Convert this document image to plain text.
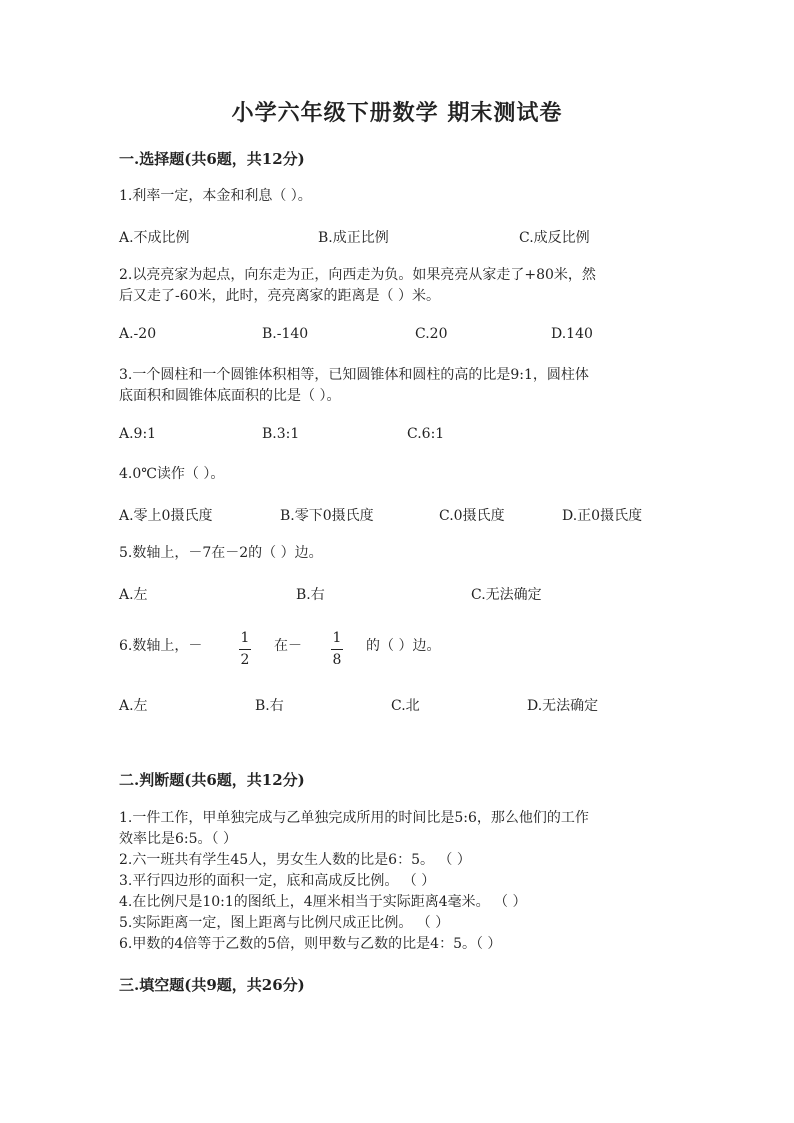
小学六年级下册数学 期末测试卷
一.选择题(共6题，共12分)
1.利率一定，本金和利息（ ）。
A.不成比例	B.成正比例	C.成反比例
2.以亮亮家为起点，向东走为正，向西走为负。如果亮亮从家走了+80米，然
后又走了-60米，此时，亮亮离家的距离是（ ）米。
A.-20	B.-140	C.20	D.140
3.一个圆柱和一个圆锥体积相等，已知圆锥体和圆柱的高的比是9:1，圆柱体
底面积和圆锥体底面积的比是（ ）。
A.9:1	B.3:1	C.6:1
4.0℃读作（ ）。
A.零上0摄氏度	B.零下0摄氏度	C.0摄氏度	D.正0摄氏度
5.数轴上，－7在－2的（ ）边。
A.左	B.右	C.无法确定
6.数轴上，－	1
2
在－ 1
8
的（ ）边。
A.左	B.右	C.北	D.无法确定
二.判断题(共6题，共12分)
1.一件工作，甲单独完成与乙单独完成所用的时间比是5:6，那么他们的工作
效率比是6:5。（ ）
2.六一班共有学生45人，男女生人数的比是6：5。 （ ）
3.平行四边形的面积一定，底和高成反比例。 （ ）
4.在比例尺是10:1的图纸上，4厘米相当于实际距离4毫米。 （ ）
5.实际距离一定，图上距离与比例尺成正比例。 （ ）
6.甲数的4倍等于乙数的5倍，则甲数与乙数的比是4：5。（ ）
三.填空题(共9题，共26分)
